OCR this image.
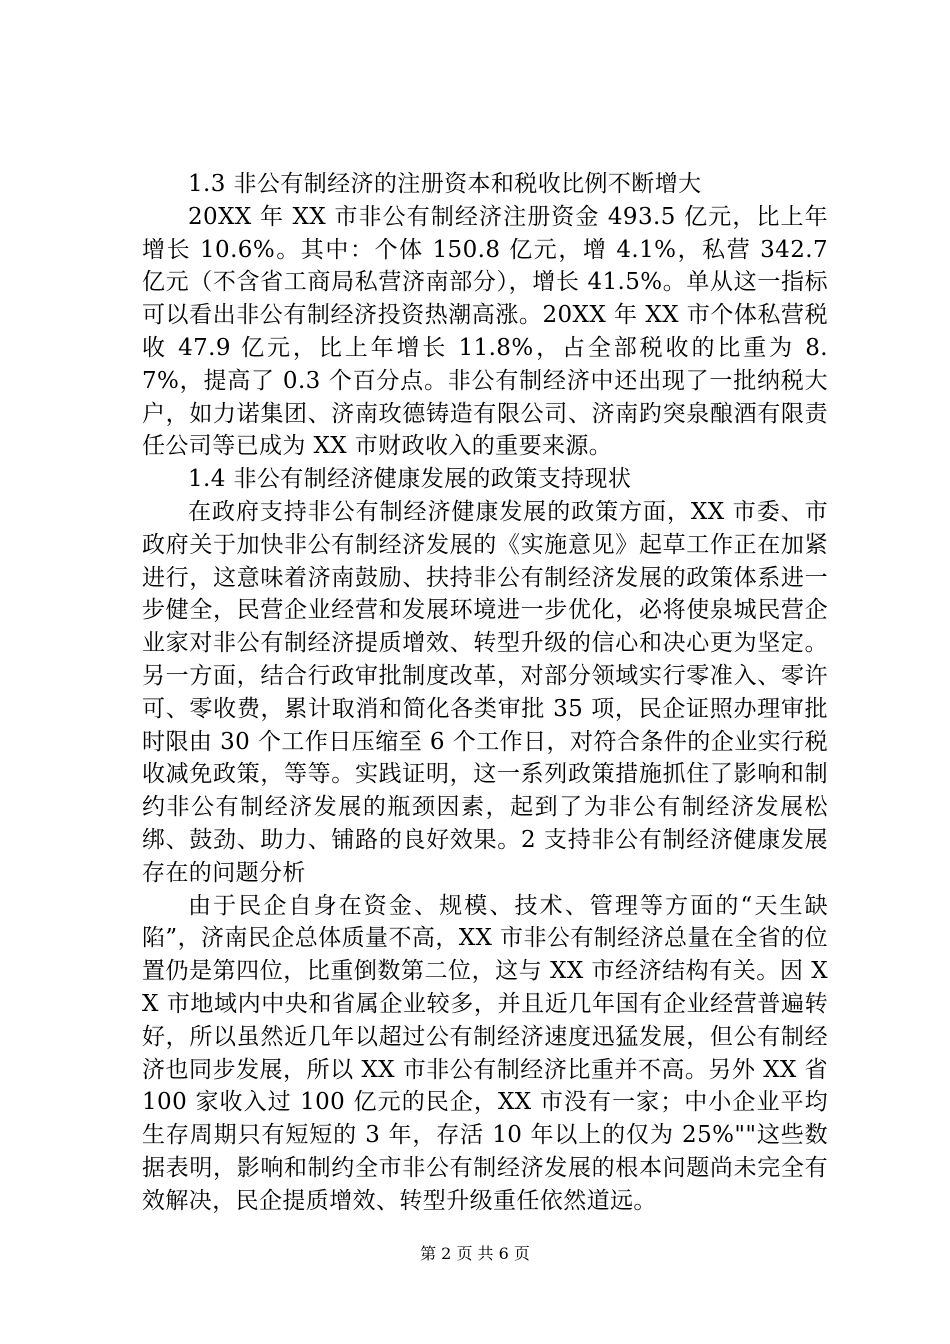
1.3 非公有制经济的注册资本和税收比例不断增大

20XX 年 XX 市非公有制经济注册资金 493.5 亿元，比上年增长 10.6%。其中：个体 150.8 亿元，增 4.1%，私营 342.7 亿元（不含省工商局私营济南部分），增长 41.5%。单从这一指标可以看出非公有制经济投资热潮高涨。20XX 年 XX 市个体私营税收 47.9 亿元，比上年增长 11.8%，占全部税收的比重为 8.7%，提高了 0.3 个百分点。非公有制经济中还出现了一批纳税大户，如力诺集团、济南玫德铸造有限公司、济南趵突泉酿酒有限责任公司等已成为 XX 市财政收入的重要来源。

1.4 非公有制经济健康发展的政策支持现状

在政府支持非公有制经济健康发展的政策方面，XX 市委、市政府关于加快非公有制经济发展的《实施意见》起草工作正在加紧进行，这意味着济南鼓励、扶持非公有制经济发展的政策体系进一步健全，民营企业经营和发展环境进一步优化，必将使泉城民营企业家对非公有制经济提质增效、转型升级的信心和决心更为坚定。另一方面，结合行政审批制度改革，对部分领域实行零准入、零许可、零收费，累计取消和简化各类审批 35 项，民企证照办理审批时限由 30 个工作日压缩至 6 个工作日，对符合条件的企业实行税收减免政策，等等。实践证明，这一系列政策措施抓住了影响和制约非公有制经济发展的瓶颈因素，起到了为非公有制经济发展松绑、鼓劲、助力、铺路的良好效果。2 支持非公有制经济健康发展存在的问题分析

由于民企自身在资金、规模、技术、管理等方面的“天生缺陷”，济南民企总体质量不高，XX 市非公有制经济总量在全省的位置仍是第四位，比重倒数第二位，这与 XX 市经济结构有关。因 XX 市地域内中央和省属企业较多，并且近几年国有企业经营普遍转好，所以虽然近几年以超过公有制经济速度迅猛发展，但公有制经济也同步发展，所以 XX 市非公有制经济比重并不高。另外 XX 省 100 家收入过 100 亿元的民企，XX 市没有一家；中小企业平均生存周期只有短短的 3 年，存活 10 年以上的仅为 25%""这些数据表明，影响和制约全市非公有制经济发展的根本问题尚未完全有效解决，民企提质增效、转型升级重任依然道远。

第 2 页 共 6 页
